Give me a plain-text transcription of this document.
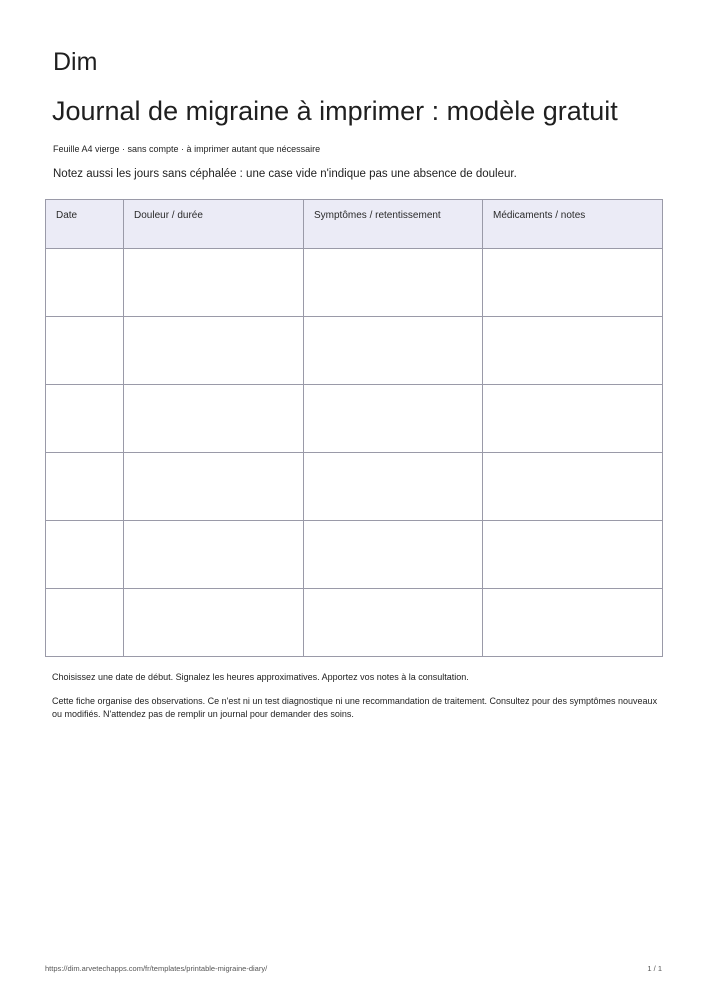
Dim
Journal de migraine à imprimer : modèle gratuit

Feuille A4 vierge · sans compte · à imprimer autant que nécessaire

Notez aussi les jours sans céphalée : une case vide n'indique pas une absence de douleur.

Date	Douleur / durée	Symptômes / retentissement	Médicaments / notes

Choisissez une date de début. Signalez les heures approximatives. Apportez vos notes à la consultation.

Cette fiche organise des observations. Ce n'est ni un test diagnostique ni une recommandation de traitement. Consultez pour des symptômes nouveaux ou modifiés. N'attendez pas de remplir un journal pour demander des soins.

https://dim.arvetechapps.com/fr/templates/printable-migraine-diary/	1 / 1
